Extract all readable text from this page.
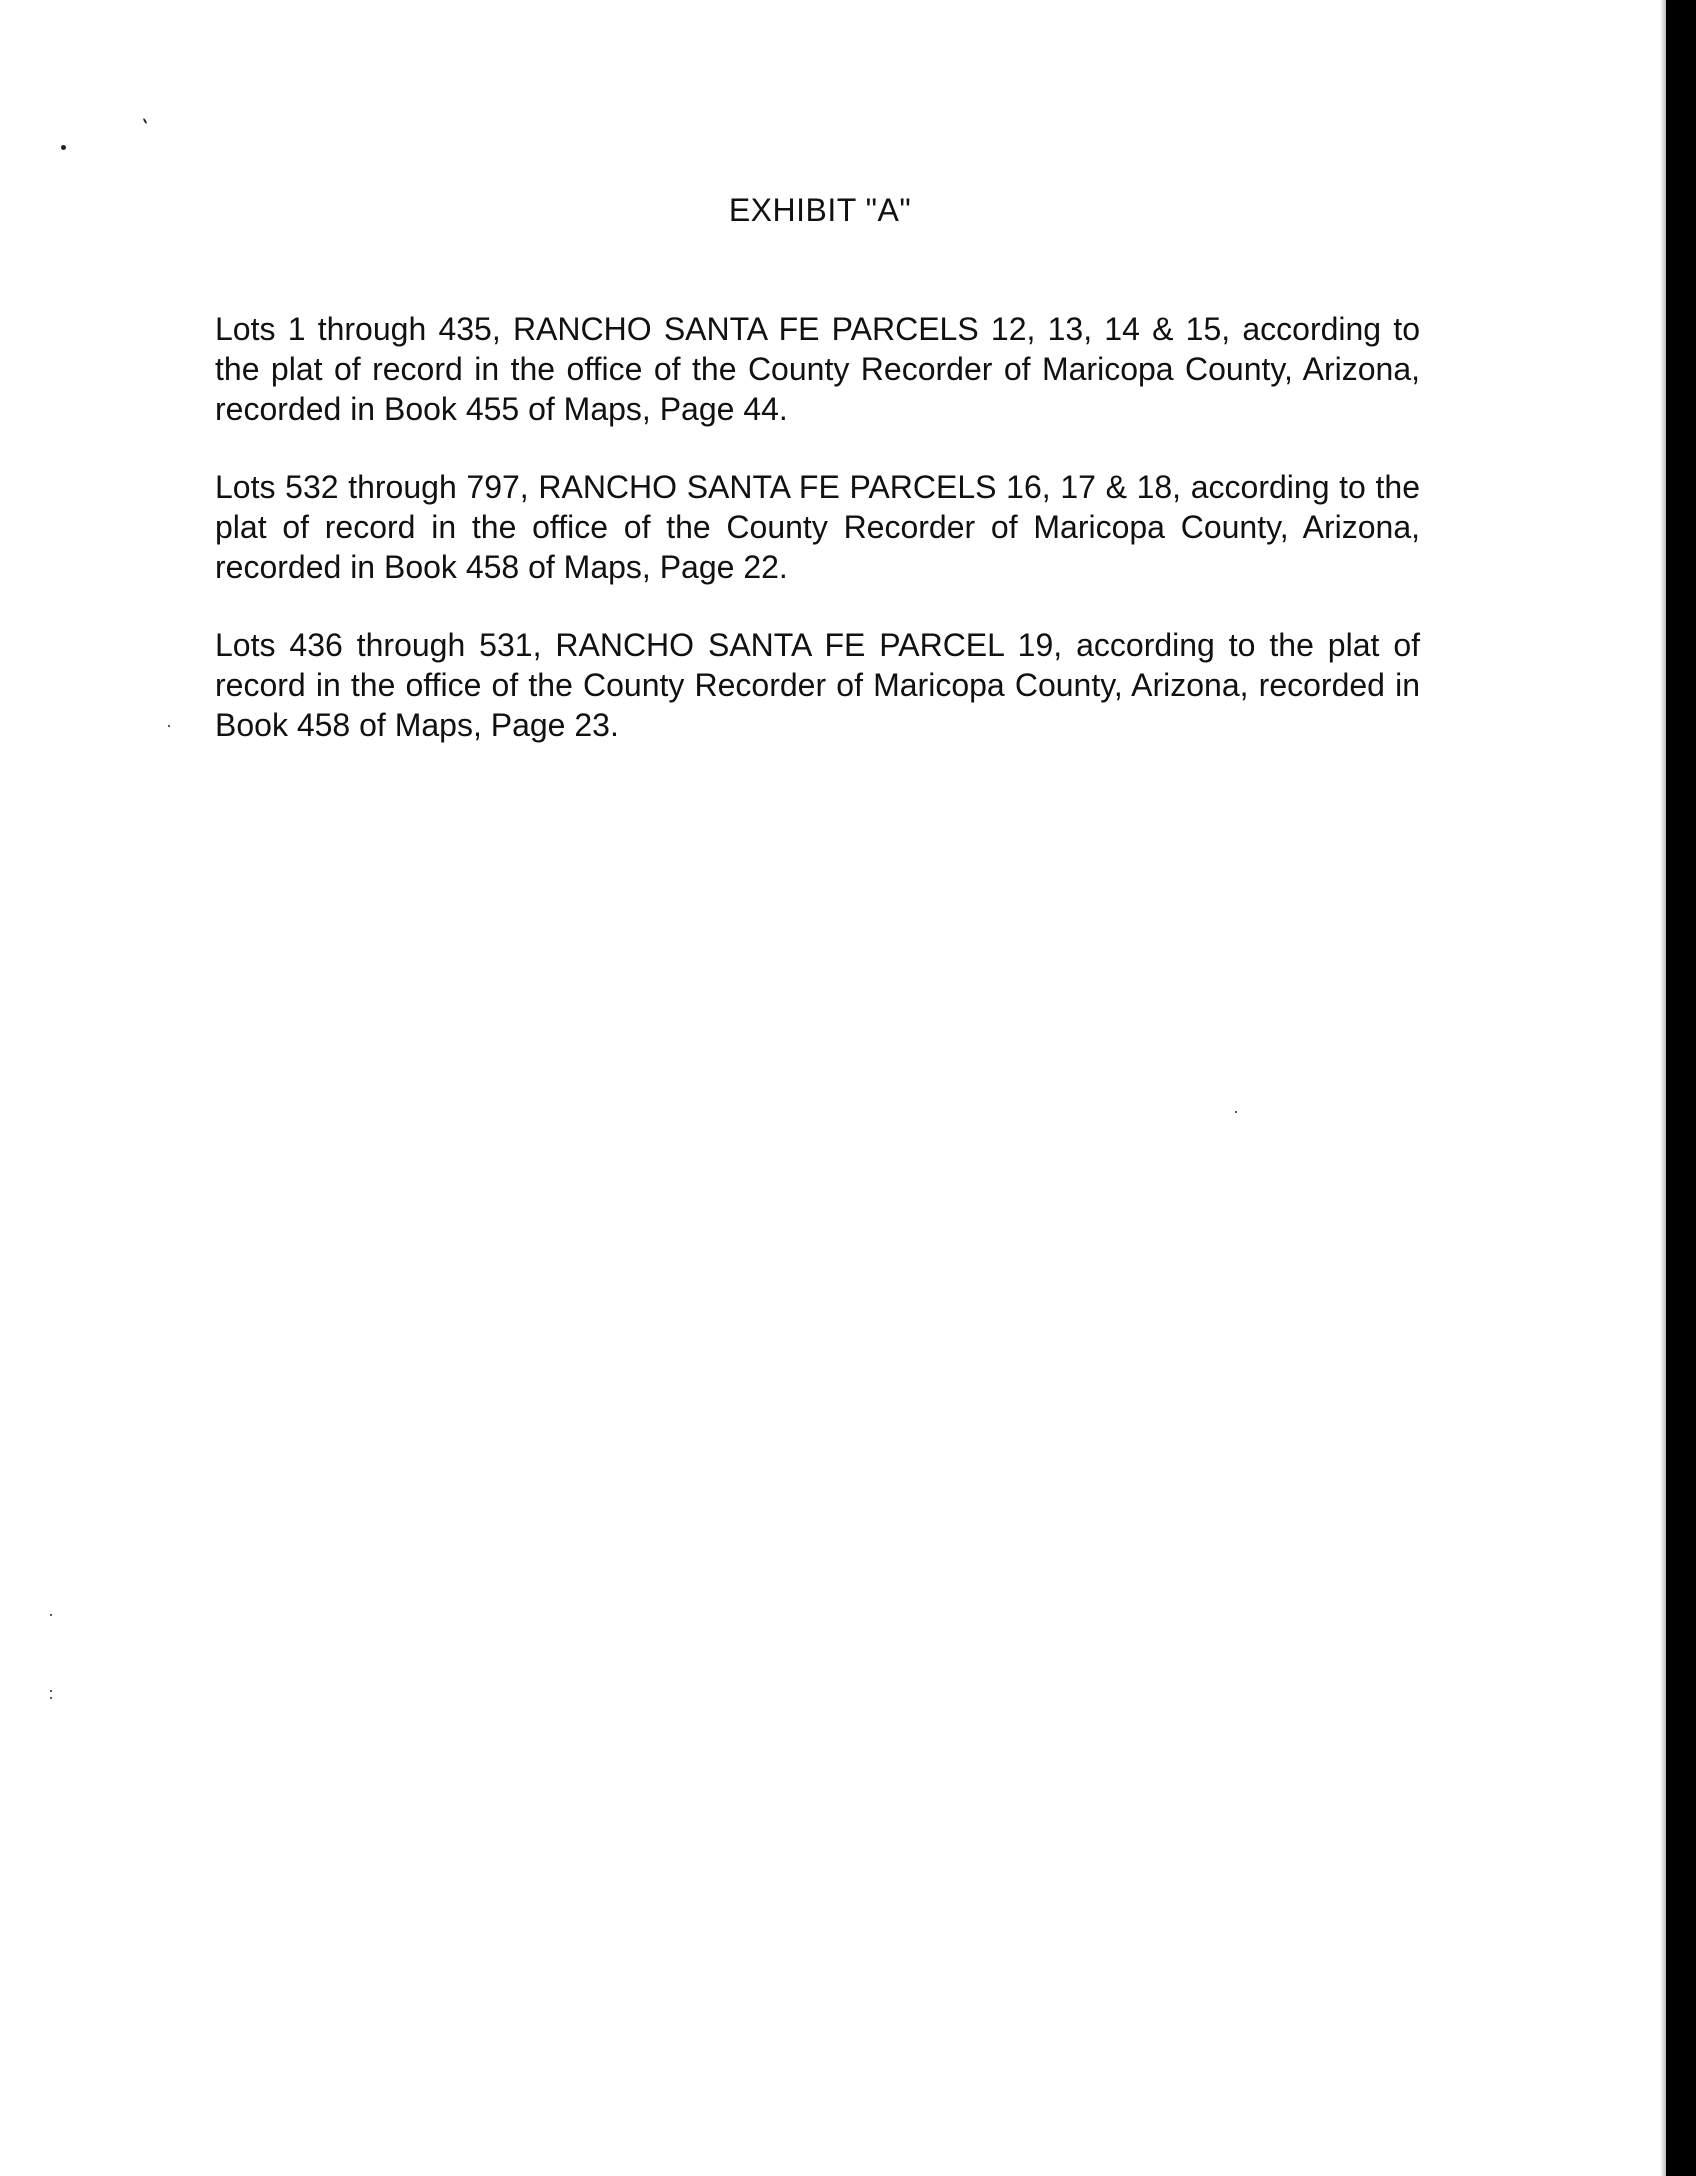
EXHIBIT "A"

Lots 1 through 435, RANCHO SANTA FE PARCELS 12, 13, 14 & 15, according to the plat of record in the office of the County Recorder of Maricopa County, Arizona, recorded in Book 455 of Maps, Page 44.

Lots 532 through 797, RANCHO SANTA FE PARCELS 16, 17 & 18, according to the plat of record in the office of the County Recorder of Maricopa County, Arizona, recorded in Book 458 of Maps, Page 22.

Lots 436 through 531, RANCHO SANTA FE PARCEL 19, according to the plat of record in the office of the County Recorder of Maricopa County, Arizona, recorded in Book 458 of Maps, Page 23.
